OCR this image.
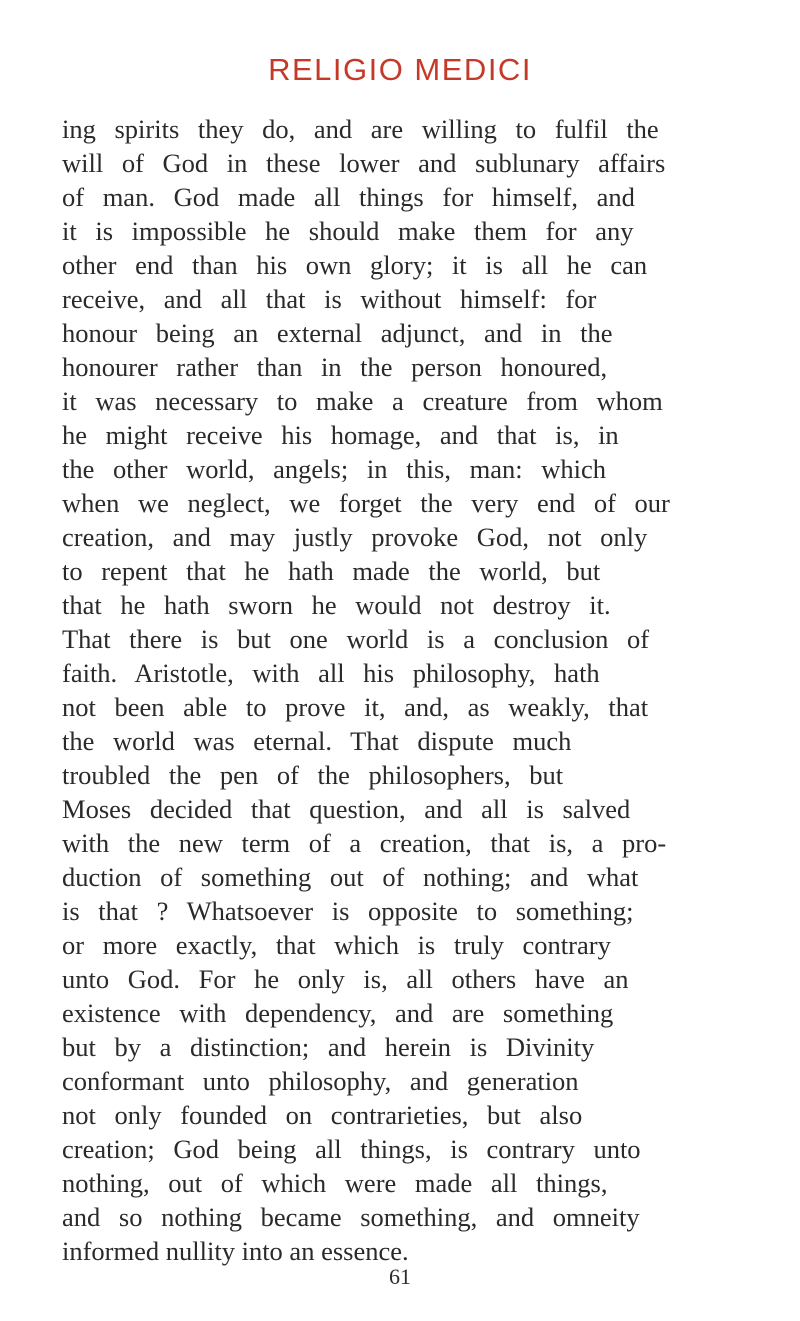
RELIGIO MEDICI
ing spirits they do, and are willing to fulfil the
will of God in these lower and sublunary affairs
of man. God made all things for himself, and
it is impossible he should make them for any
other end than his own glory; it is all he can
receive, and all that is without himself: for
honour being an external adjunct, and in the
honourer rather than in the person honoured,
it was necessary to make a creature from whom
he might receive his homage, and that is, in
the other world, angels; in this, man: which
when we neglect, we forget the very end of our
creation, and may justly provoke God, not only
to repent that he hath made the world, but
that he hath sworn he would not destroy it.
That there is but one world is a conclusion of
faith. Aristotle, with all his philosophy, hath
not been able to prove it, and, as weakly, that
the world was eternal. That dispute much
troubled the pen of the philosophers, but
Moses decided that question, and all is salved
with the new term of a creation, that is, a pro-
duction of something out of nothing; and what
is that ? Whatsoever is opposite to something;
or more exactly, that which is truly contrary
unto God. For he only is, all others have an
existence with dependency, and are something
but by a distinction; and herein is Divinity
conformant unto philosophy, and generation
not only founded on contrarieties, but also
creation; God being all things, is contrary unto
nothing, out of which were made all things,
and so nothing became something, and omneity
informed nullity into an essence.
61
